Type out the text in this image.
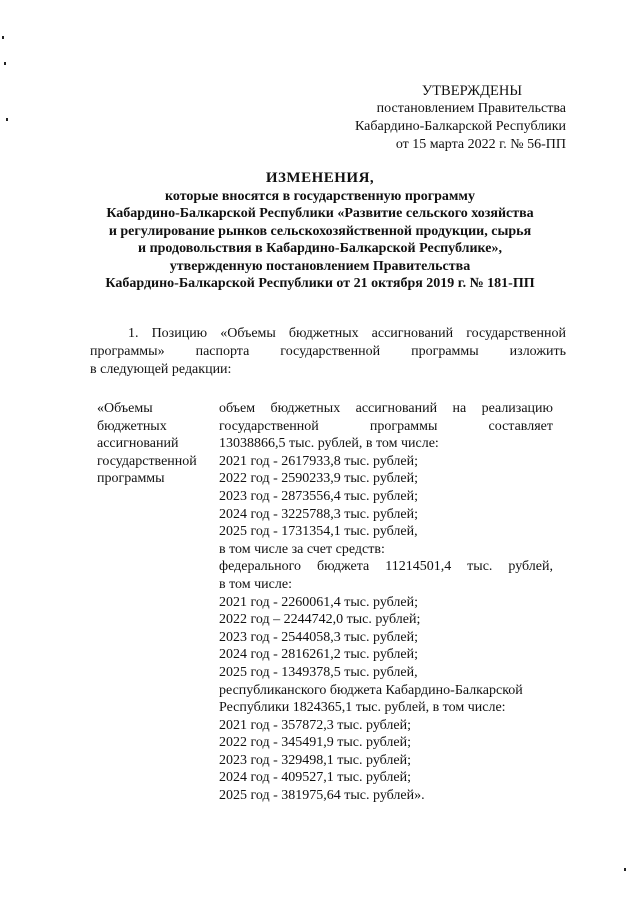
УТВЕРЖДЕНЫ
постановлением Правительства
Кабардино-Балкарской Республики
от 15 марта 2022 г. № 56-ПП
ИЗМЕНЕНИЯ,
которые вносятся в государственную программу
Кабардино-Балкарской Республики «Развитие сельского хозяйства
и регулирование рынков сельскохозяйственной продукции, сырья
и продовольствия в Кабардино-Балкарской Республике»,
утвержденную постановлением Правительства
Кабардино-Балкарской Республики от 21 октября 2019 г. № 181-ПП
1. Позицию «Объемы бюджетных ассигнований государственной
программы» паспорта государственной программы изложить
в следующей редакции:
«Объемы
бюджетных
ассигнований
государственной
программы
объем бюджетных ассигнований на реализацию
государственной программы составляет
13038866,5 тыс. рублей, в том числе:
2021 год - 2617933,8 тыс. рублей;
2022 год - 2590233,9 тыс. рублей;
2023 год - 2873556,4 тыс. рублей;
2024 год - 3225788,3 тыс. рублей;
2025 год - 1731354,1 тыс. рублей,
в том числе за счет средств:
федерального бюджета 11214501,4 тыс. рублей,
в том числе:
2021 год - 2260061,4 тыс. рублей;
2022 год – 2244742,0 тыс. рублей;
2023 год - 2544058,3 тыс. рублей;
2024 год - 2816261,2 тыс. рублей;
2025 год - 1349378,5 тыс. рублей,
республиканского бюджета Кабардино-Балкарской
Республики 1824365,1 тыс. рублей, в том числе:
2021 год - 357872,3 тыс. рублей;
2022 год - 345491,9 тыс. рублей;
2023 год - 329498,1 тыс. рублей;
2024 год - 409527,1 тыс. рублей;
2025 год - 381975,64 тыс. рублей».
